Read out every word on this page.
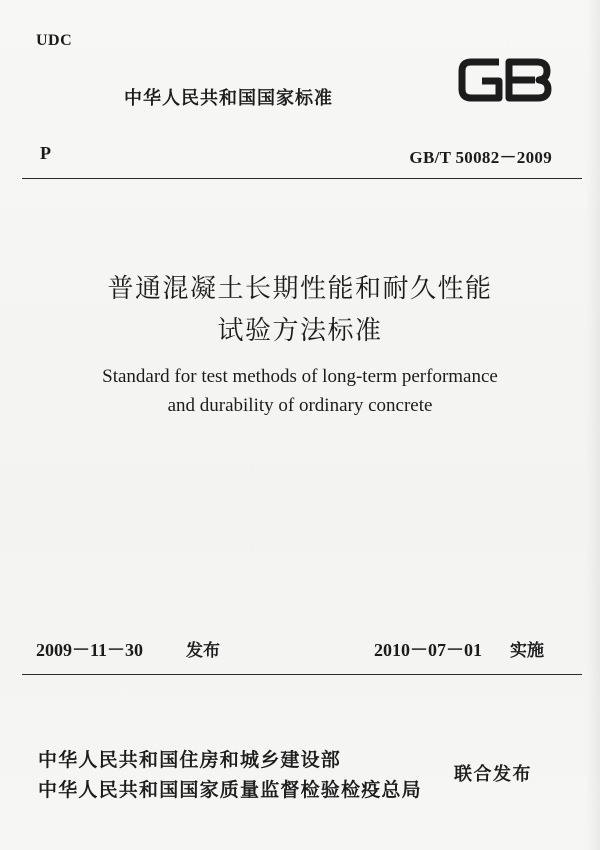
UDC
中华人民共和国国家标准
P	GB/T 50082－2009
普通混凝土长期性能和耐久性能
试验方法标准
Standard for test methods of long-term performance
and durability of ordinary concrete
2009－11－30	发布	2010－07－01 实施
中华人民共和国住房和城乡建设部
中华人民共和国国家质量监督检验检疫总局
联合发布
